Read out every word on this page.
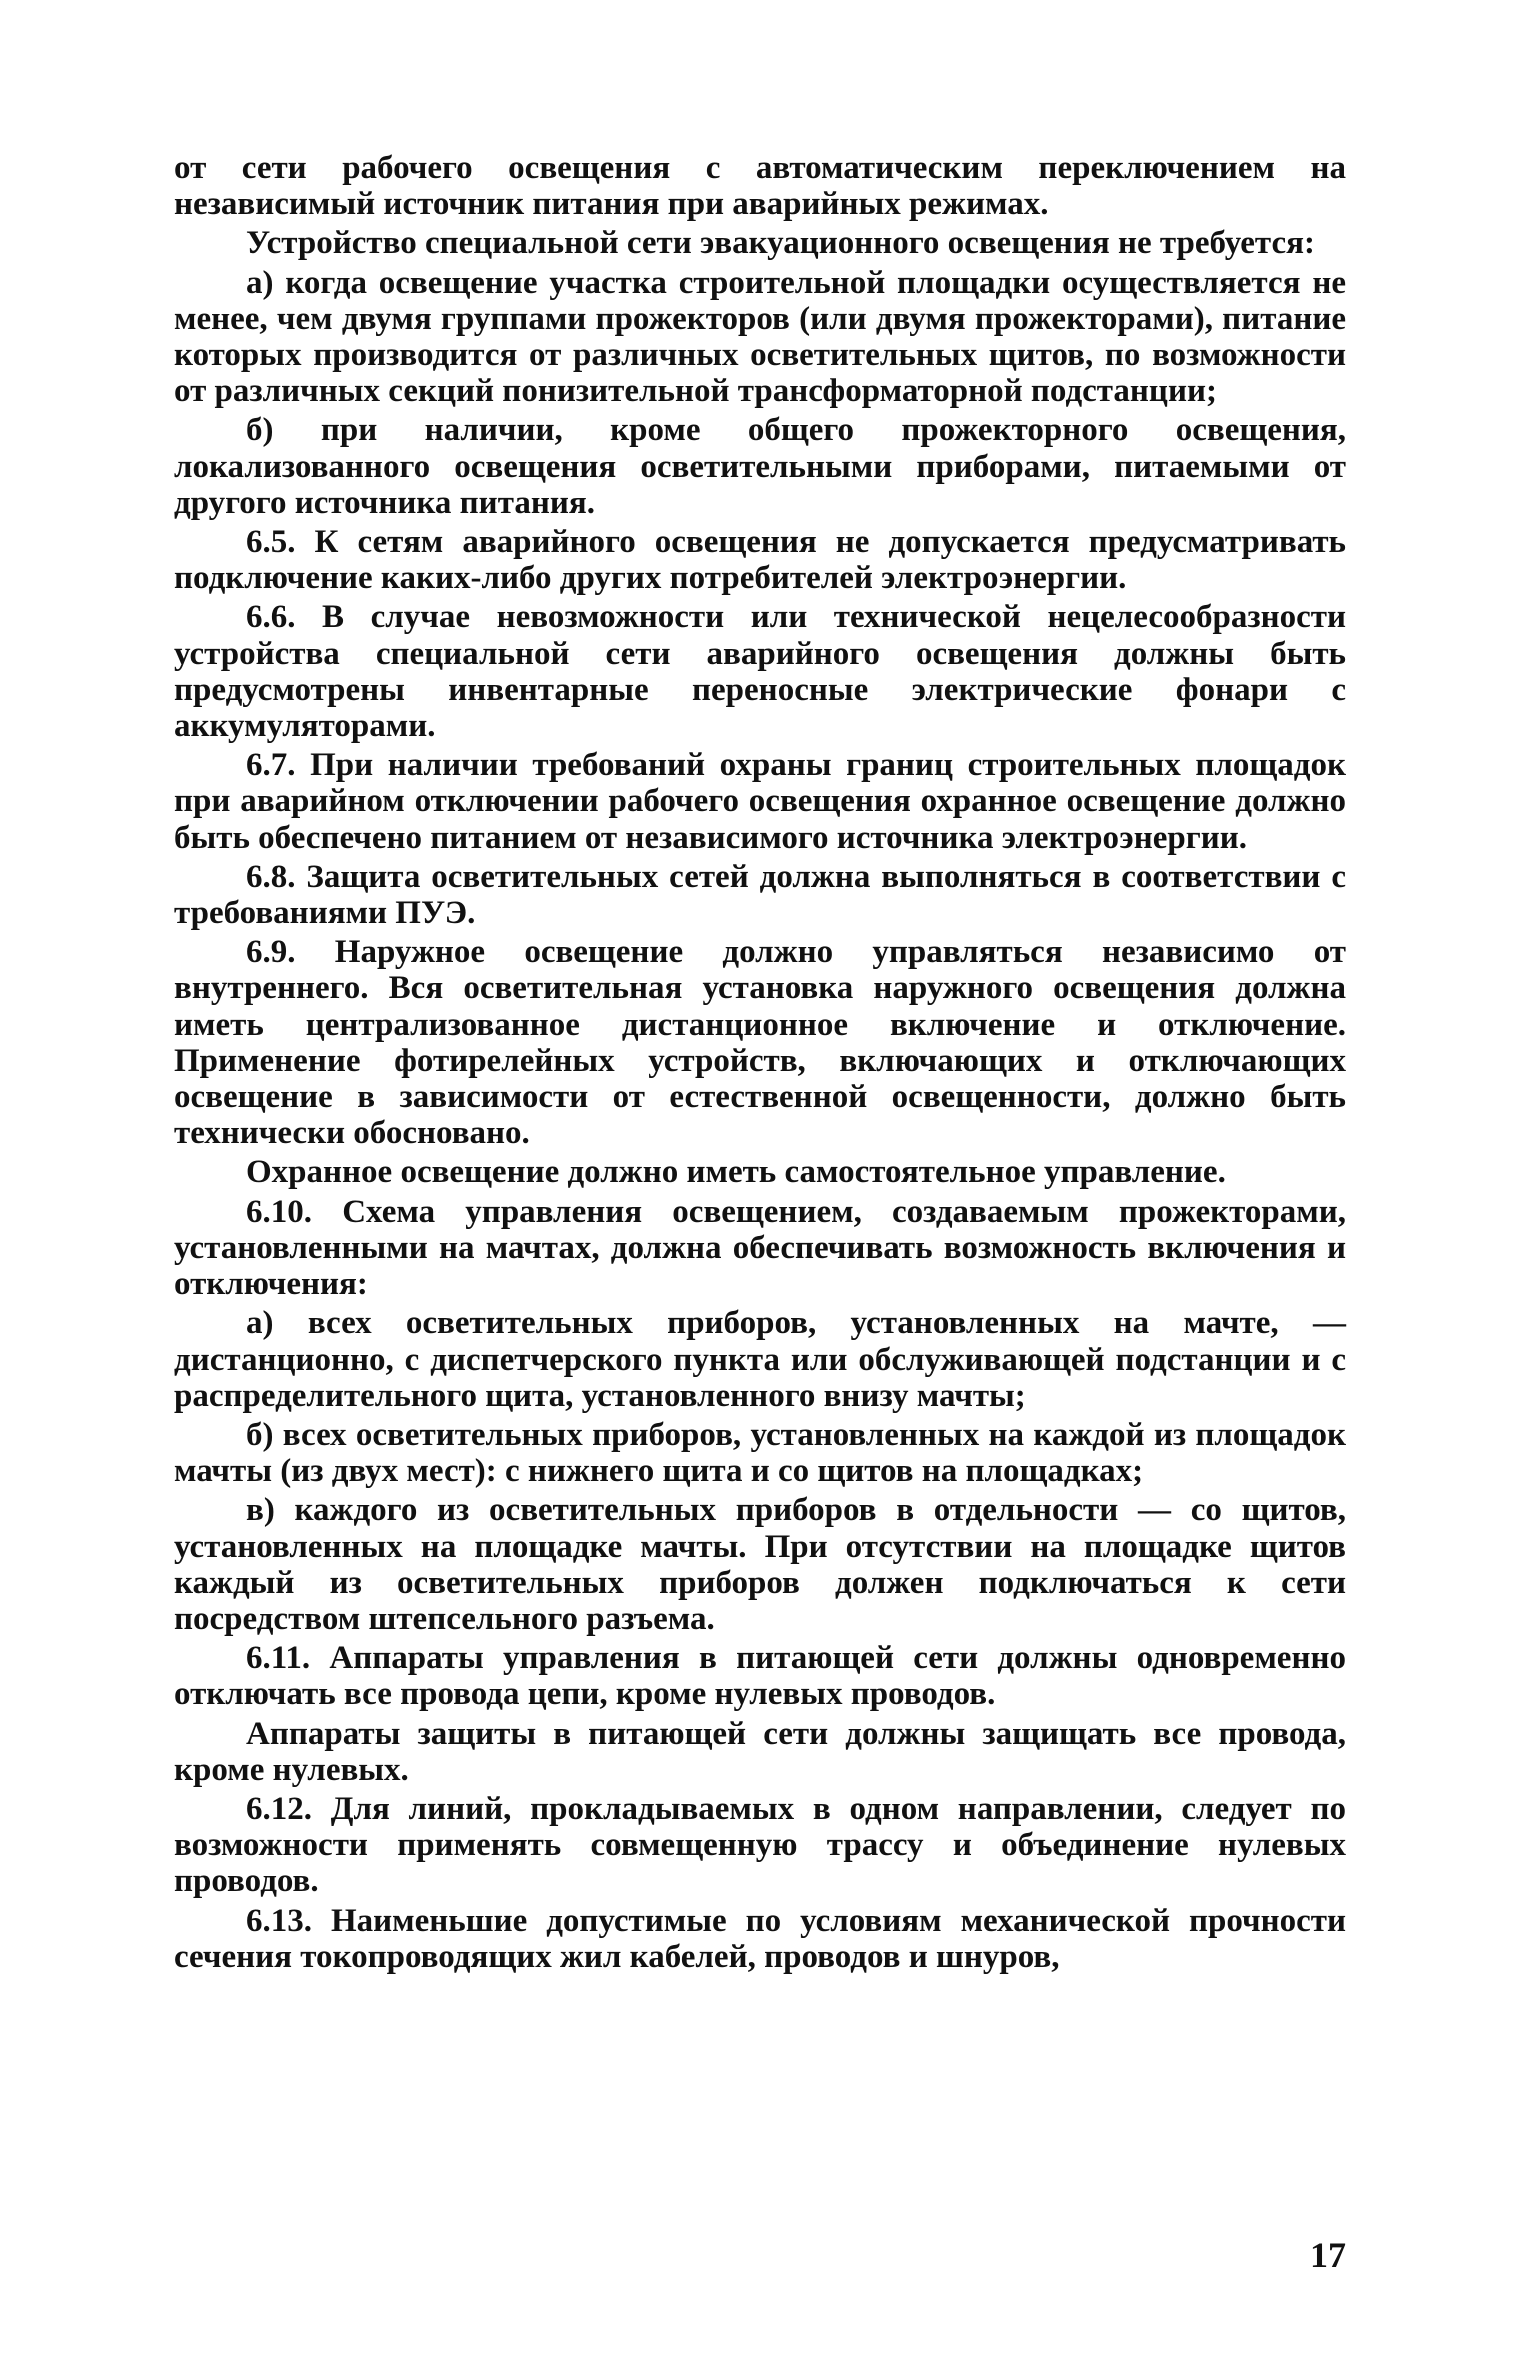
от сети рабочего освещения с автоматическим переключением на независимый источник питания при аварийных режимах.

Устройство специальной сети эвакуационного освещения не требуется:

а) когда освещение участка строительной площадки осуществляется не менее, чем двумя группами прожекторов (или двумя прожекторами), питание которых производится от различных осветительных щитов, по возможности от различных секций понизительной трансформаторной подстанции;

б) при наличии, кроме общего прожекторного освещения, локализованного освещения осветительными приборами, питаемыми от другого источника питания.

6.5. К сетям аварийного освещения не допускается предусматривать подключение каких-либо других потребителей электроэнергии.

6.6. В случае невозможности или технической нецелесообразности устройства специальной сети аварийного освещения должны быть предусмотрены инвентарные переносные электрические фонари с аккумуляторами.

6.7. При наличии требований охраны границ строительных площадок при аварийном отключении рабочего освещения охранное освещение должно быть обеспечено питанием от независимого источника электроэнергии.

6.8. Защита осветительных сетей должна выполняться в соответствии с требованиями ПУЭ.

6.9. Наружное освещение должно управляться независимо от внутреннего. Вся осветительная установка наружного освещения должна иметь централизованное дистанционное включение и отключение. Применение фотирелейных устройств, включающих и отключающих освещение в зависимости от естественной освещенности, должно быть технически обосновано.

Охранное освещение должно иметь самостоятельное управление.

6.10. Схема управления освещением, создаваемым прожекторами, установленными на мачтах, должна обеспечивать возможность включения и отключения:

а) всех осветительных приборов, установленных на мачте, — дистанционно, с диспетчерского пункта или обслуживающей подстанции и с распределительного щита, установленного внизу мачты;

б) всех осветительных приборов, установленных на каждой из площадок мачты (из двух мест): с нижнего щита и со щитов на площадках;

в) каждого из осветительных приборов в отдельности — со щитов, установленных на площадке мачты. При отсутствии на площадке щитов каждый из осветительных приборов должен подключаться к сети посредством штепсельного разъема.

6.11. Аппараты управления в питающей сети должны одновременно отключать все провода цепи, кроме нулевых проводов.

Аппараты защиты в питающей сети должны защищать все провода, кроме нулевых.

6.12. Для линий, прокладываемых в одном направлении, следует по возможности применять совмещенную трассу и объединение нулевых проводов.

6.13. Наименьшие допустимые по условиям механической прочности сечения токопроводящих жил кабелей, проводов и шнуров,

17
